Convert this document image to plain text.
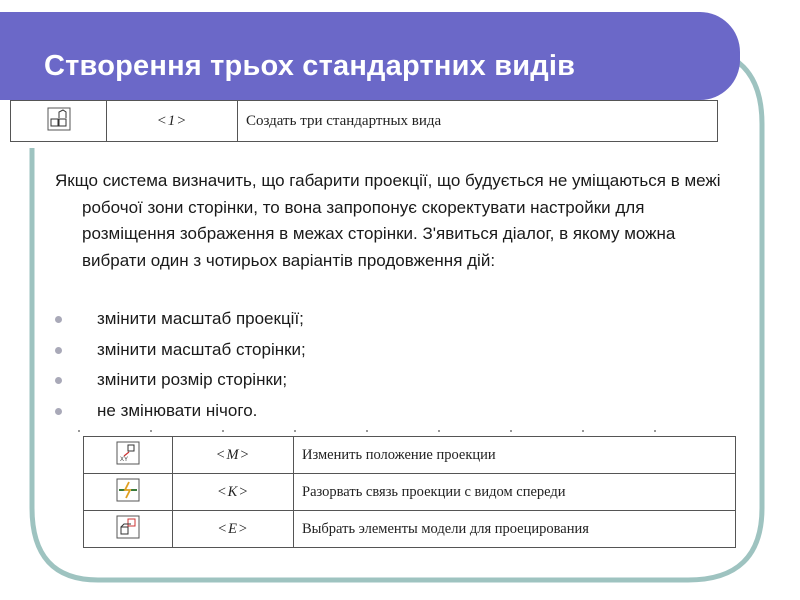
Створення трьох стандартних видів
	<1>	Создать три стандартных вида
Якщо система визначить, що габарити проекції, що будується не уміщаються в межі робочої зони сторінки, то вона запропонує скоректувати настройки для розміщення зображення в межах сторінки. З'явиться діалог, в якому можна вибрати один з чотирьох варіантів продовження дій:
змінити масштаб проекції;
змінити масштаб сторінки;
змінити розмір сторінки;
не змінювати нічого.
XY	<M>	Изменить положение проекции
	<K>	Разорвать связь проекции с видом спереди
	<E>	Выбрать элементы модели для проецирования
